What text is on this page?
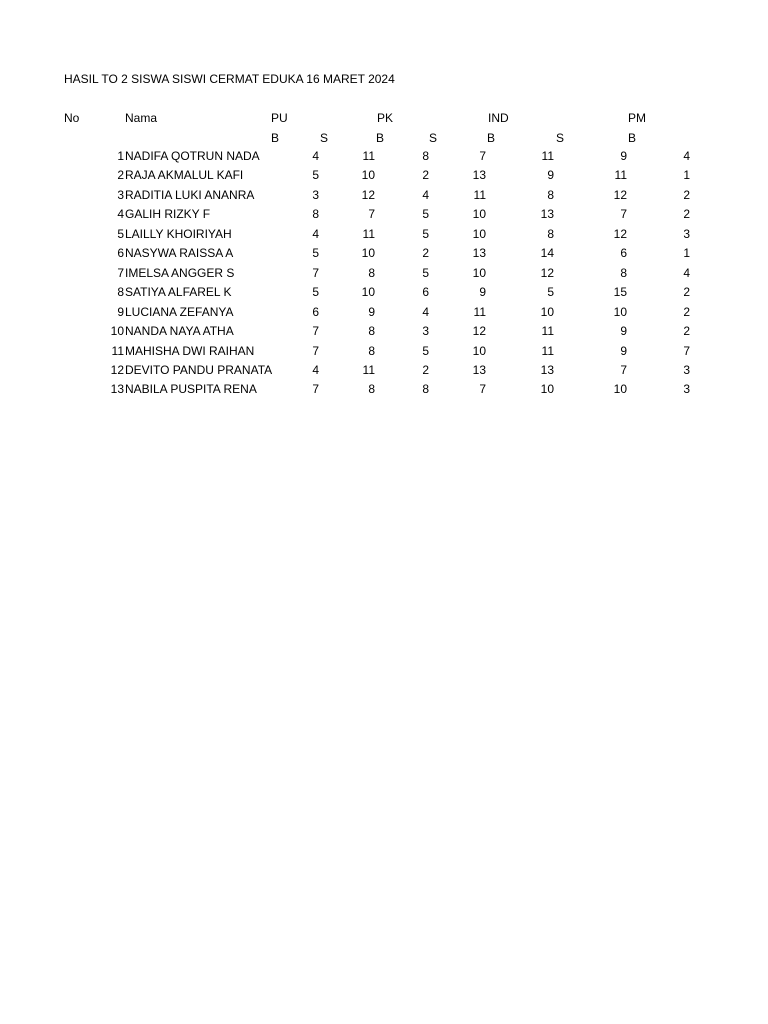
HASIL TO 2 SISWA SISWI CERMAT EDUKA 16 MARET 2024
No	Nama	PU	PK	IND	PM
B	S	B	S	B	S	B
1 NADIFA QOTRUN NADA	4	11	8	7	11	9	4
2 RAJA AKMALUL KAFI	5	10	2	13	9	11	1
3 RADITIA LUKI ANANRA	3	12	4	11	8	12	2
4 GALIH RIZKY F	8	7	5	10	13	7	2
5 LAILLY KHOIRIYAH	4	11	5	10	8	12	3
6 NASYWA RAISSA A	5	10	2	13	14	6	1
7 IMELSA ANGGER S	7	8	5	10	12	8	4
8 SATIYA ALFAREL K	5	10	6	9	5	15	2
9 LUCIANA ZEFANYA	6	9	4	11	10	10	2
10 NANDA NAYA ATHA	7	8	3	12	11	9	2
11 MAHISHA DWI RAIHAN	7	8	5	10	11	9	7
12 DEVITO PANDU PRANATA	4	11	2	13	13	7	3
13 NABILA PUSPITA RENA	7	8	8	7	10	10	3
